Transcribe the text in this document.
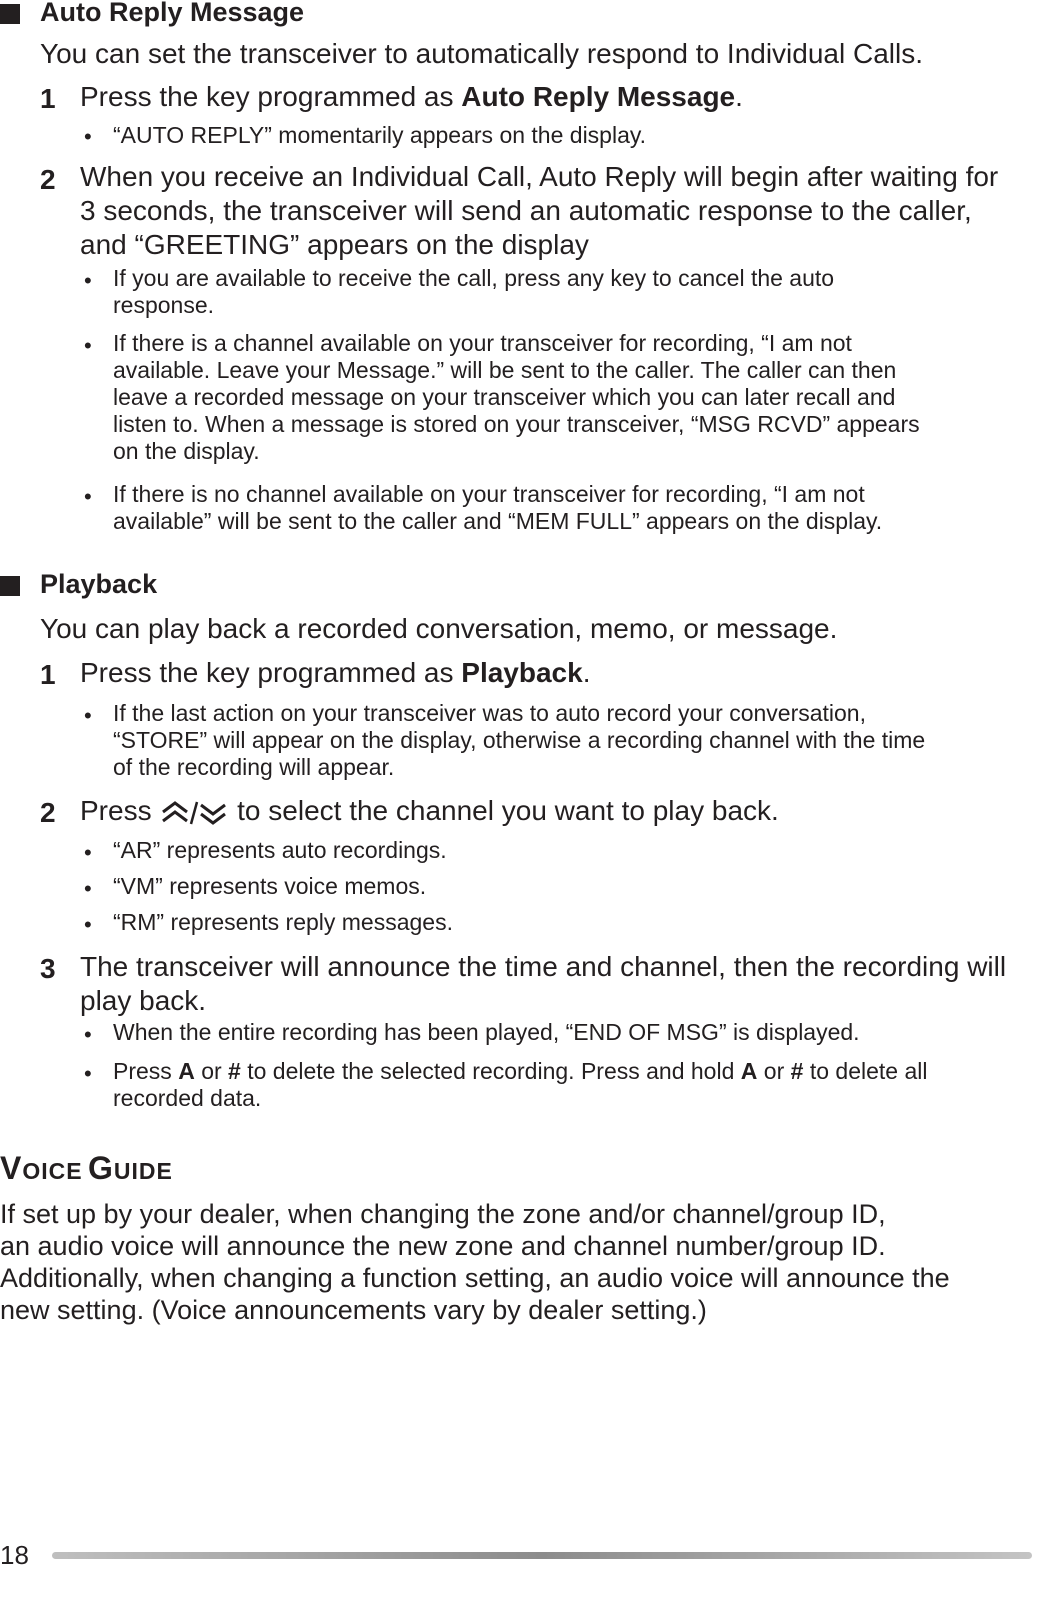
Auto Reply Message
You can set the transceiver to automatically respond to Individual Calls.
1 Press the key programmed as Auto Reply Message.
• “AUTO REPLY” momentarily appears on the display.
2 When you receive an Individual Call, Auto Reply will begin after waiting for
3 seconds, the transceiver will send an automatic response to the caller,
and “GREETING” appears on the display
• If you are available to receive the call, press any key to cancel the auto
response.
• If there is a channel available on your transceiver for recording, “I am not
available. Leave your Message.” will be sent to the caller. The caller can then
leave a recorded message on your transceiver which you can later recall and
listen to. When a message is stored on your transceiver, “MSG RCVD” appears
on the display.
• If there is no channel available on your transceiver for recording, “I am not
available” will be sent to the caller and “MEM FULL” appears on the display.
Playback
You can play back a recorded conversation, memo, or message.
1 Press the key programmed as Playback.
• If the last action on your transceiver was to auto record your conversation,
“STORE” will appear on the display, otherwise a recording channel with the time
of the recording will appear.
2 Press	to select the channel you want to play back.
• “AR” represents auto recordings.
• “VM” represents voice memos.
• “RM” represents reply messages.
3 The transceiver will announce the time and channel, then the recording will
play back.
• When the entire recording has been played, “END OF MSG” is displayed.
• Press A or # to delete the selected recording. Press and hold A or # to delete all
recorded data.
VOICE GUIDE
If set up by your dealer, when changing the zone and/or channel/group ID,
an audio voice will announce the new zone and channel number/group ID.
Additionally, when changing a function setting, an audio voice will announce the
new setting. (Voice announcements vary by dealer setting.)
18
